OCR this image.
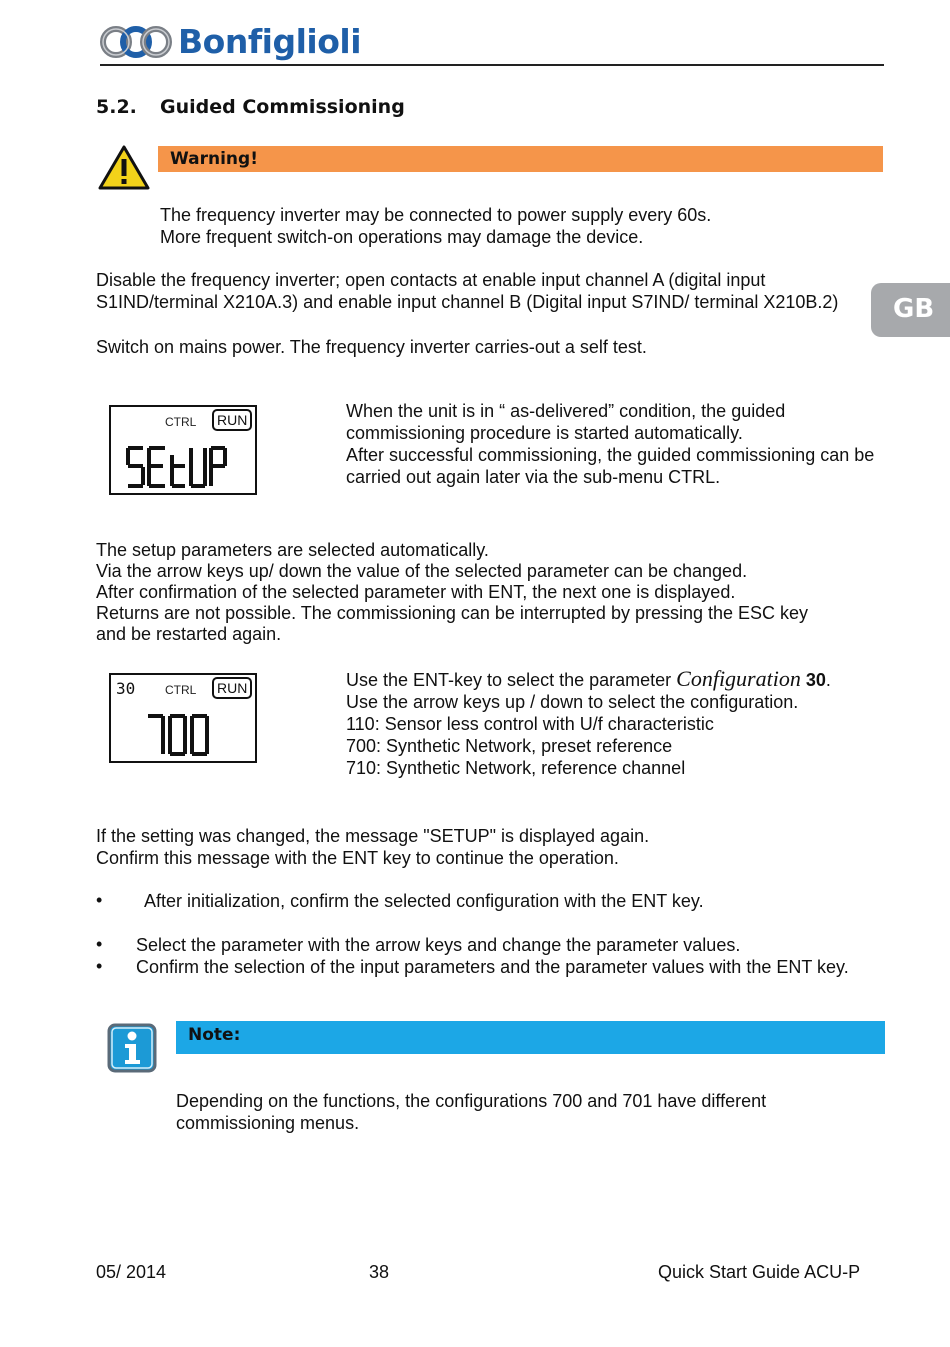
Bonfiglioli
GB
5.2. Guided Commissioning
Warning!
The frequency inverter may be connected to power supply every 60s.
More frequent switch-on operations may damage the device.
Disable the frequency inverter; open contacts at enable input channel A (digital input
S1IND/terminal X210A.3) and enable input channel B (Digital input S7IND/ terminal X210B.2)
Switch on mains power. The frequency inverter carries-out a self test.
CTRL	RUN	When the unit is in “ as-delivered” condition, the guided
commissioning procedure is started automatically.
After successful commissioning, the guided commissioning can be
carried out again later via the sub-menu CTRL.
The setup parameters are selected automatically.
Via the arrow keys up/ down the value of the selected parameter can be changed.
After confirmation of the selected parameter with ENT, the next one is displayed.
Returns are not possible. The commissioning can be interrupted by pressing the ESC key
and be restarted again.
30 CTRL	RUN	Use the ENT-key to select the parameter Configuration 30.
Use the arrow keys up / down to select the configuration.
110: Sensor less control with U/f characteristic
700: Synthetic Network, preset reference
710: Synthetic Network, reference channel
If the setting was changed, the message "SETUP" is displayed again.
Confirm this message with the ENT key to continue the operation.
• After initialization, confirm the selected configuration with the ENT key.
• Select the parameter with the arrow keys and change the parameter values.
• Confirm the selection of the input parameters and the parameter values with the ENT key.
Note:
Depending on the functions, the configurations 700 and 701 have different
commissioning menus.
05/ 2014	38	Quick Start Guide ACU-P
